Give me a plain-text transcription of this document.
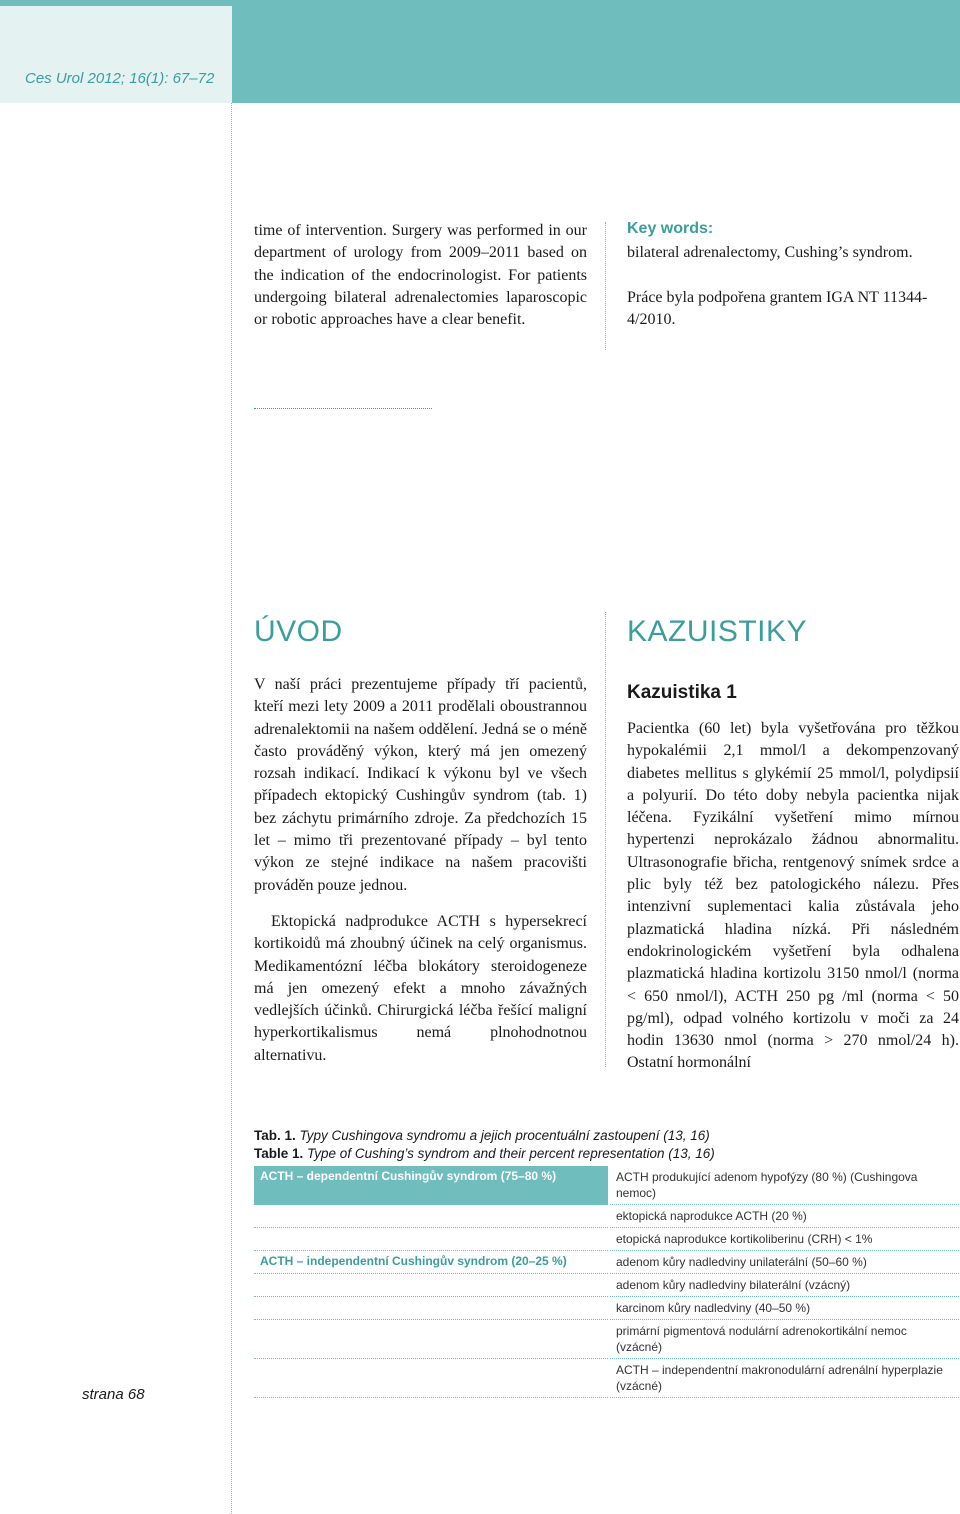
Ces Urol 2012; 16(1): 67–72
time of intervention. Surgery was performed in our department of urology from 2009–2011 based on the indication of the endocrinologist. For patients undergoing bilateral adrenalectomies laparoscopic or robotic approaches have a clear benefit.
Key words:
bilateral adrenalectomy, Cushing’s syndrom.
Práce byla podpořena grantem IGA NT 11344-4/2010.
ÚVOD
V naší práci prezentujeme případy tří pacientů, kteří mezi lety 2009 a 2011 prodělali oboustrannou adrenalektomii na našem oddělení. Jedná se o méně často prováděný výkon, který má jen omezený rozsah indikací. Indikací k výkonu byl ve všech případech ektopický Cushingův syndrom (tab. 1) bez záchytu primárního zdroje. Za předchozích 15 let – mimo tři prezentované případy – byl tento výkon ze stejné indikace na našem pracovišti prováděn pouze jednou.
Ektopická nadprodukce ACTH s hypersekrecí kortikoidů má zhoubný účinek na celý organismus. Medikamentózní léčba blokátory steroidogeneze má jen omezený efekt a mnoho závažných vedlejších účinků. Chirurgická léčba řešící maligní hyperkortikalismus nemá plnohodnotnou alternativu.
KAZUISTIKY
Kazuistika 1
Pacientka (60 let) byla vyšetřována pro těžkou hypokalémii 2,1 mmol/l a dekompenzovaný diabetes mellitus s glykémií 25 mmol/l, polydipsií a polyurií. Do této doby nebyla pacientka nijak léčena. Fyzikální vyšetření mimo mírnou hypertenzi neprokázalo žádnou abnormalitu. Ultrasonografie břicha, rentgenový snímek srdce a plic byly též bez patologického nálezu. Přes intenzivní suplementaci kalia zůstávala jeho plazmatická hladina nízká. Při následném endokrinologickém vyšetření byla odhalena plazmatická hladina kortizolu 3150 nmol/l (norma < 650 nmol/l), ACTH 250 pg /ml (norma < 50 pg/ml), odpad volného kortizolu v moči za 24 hodin 13630 nmol (norma > 270 nmol/24 h). Ostatní hormonální
Tab. 1. Typy Cushingova syndromu a jejich procentuální zastoupení (13, 16)
Table 1. Type of Cushing’s syndrom and their percent representation (13, 16)
ACTH – dependentní Cushingův syndrom (75–80 %)	ACTH produkující adenom hypofýzy (80 %) (Cushingova nemoc)
	ektopická naprodukce ACTH (20 %)
	etopická naprodukce kortikoliberinu (CRH) < 1%
ACTH – independentní Cushingův syndrom (20–25 %)	adenom kůry nadledviny unilaterální (50–60 %)
	adenom kůry nadledviny bilaterální (vzácný)
	karcinom kůry nadledviny (40–50 %)
	primární pigmentová nodulární adrenokortikální nemoc (vzácné)
	ACTH – independentní makronodulární adrenální hyperplazie (vzácné)
strana 68
